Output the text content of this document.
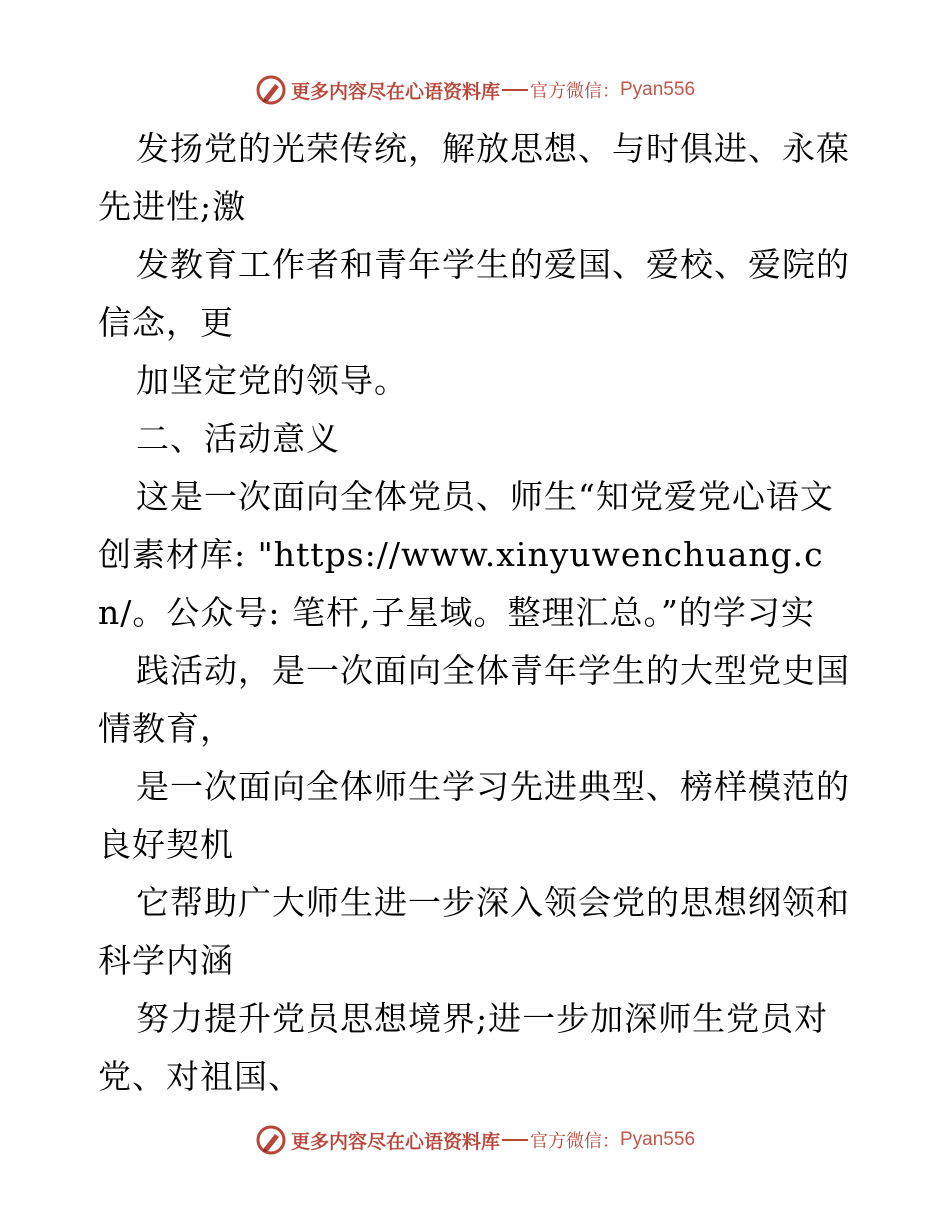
更多内容尽在心语资料库 官方微信： Pyan556

发扬党的光荣传统，解放思想、与时俱进、永葆先进性;激

发教育工作者和青年学生的爱国、爱校、爱院的信念，更

加坚定党的领导。

二、活动意义

这是一次面向全体党员、师生“知党爱党心语文创素材库: "https://www.xinyuwenchuang.cn/。公众号: 笔杆,子星域。整理汇总。”的学习实

践活动，是一次面向全体青年学生的大型党史国情教育，

是一次面向全体师生学习先进典型、榜样模范的良好契机

它帮助广大师生进一步深入领会党的思想纲领和科学内涵

努力提升党员思想境界;进一步加深师生党员对党、对祖国、

更多内容尽在心语资料库 官方微信： Pyan556
